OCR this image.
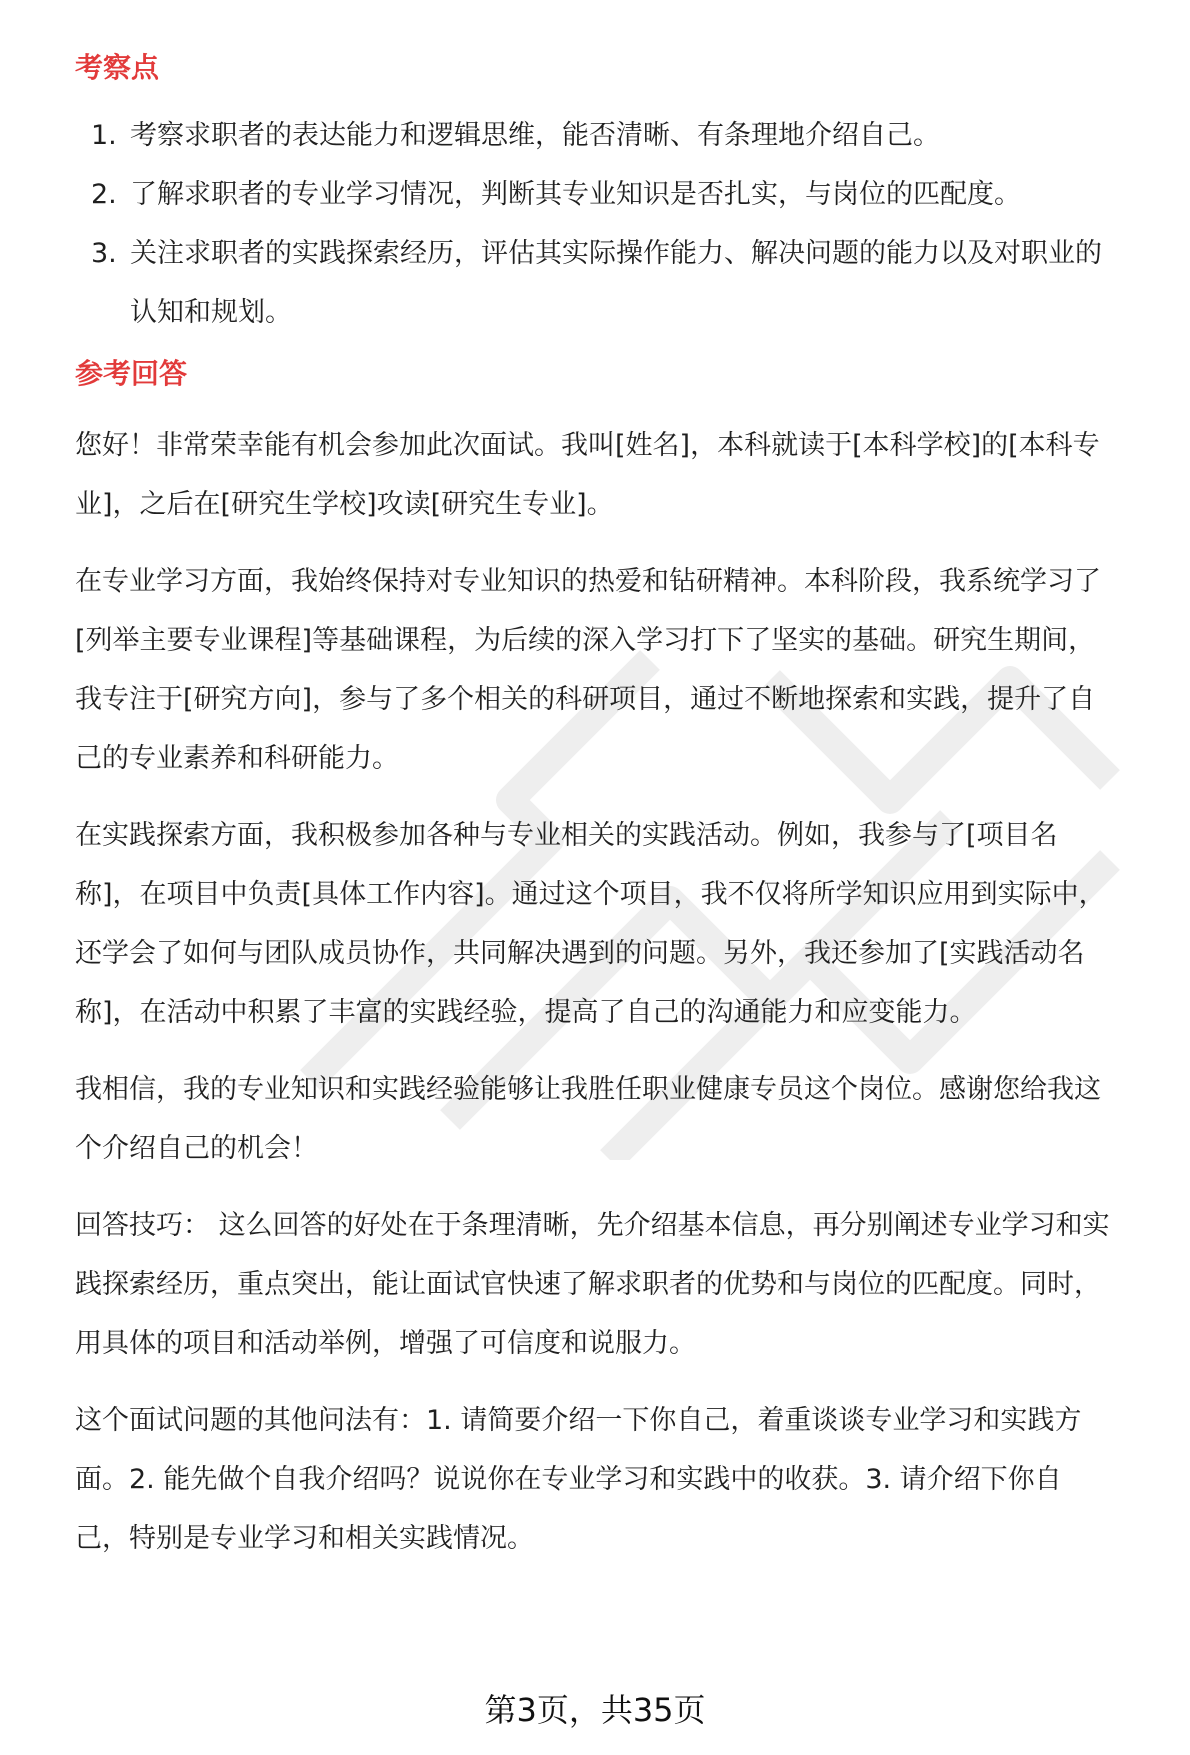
考察点
1. 考察求职者的表达能力和逻辑思维，能否清晰、有条理地介绍自己。
2. 了解求职者的专业学习情况，判断其专业知识是否扎实，与岗位的匹配度。
3. 关注求职者的实践探索经历，评估其实际操作能力、解决问题的能力以及对职业的认知和规划。
参考回答

您好！非常荣幸能有机会参加此次面试。我叫[姓名]，本科就读于[本科学校]的[本科专业]，之后在[研究生学校]攻读[研究生专业]。

在专业学习方面，我始终保持对专业知识的热爱和钻研精神。本科阶段，我系统学习了[列举主要专业课程]等基础课程，为后续的深入学习打下了坚实的基础。研究生期间，我专注于[研究方向]，参与了多个相关的科研项目，通过不断地探索和实践，提升了自己的专业素养和科研能力。

在实践探索方面，我积极参加各种与专业相关的实践活动。例如，我参与了[项目名称]，在项目中负责[具体工作内容]。通过这个项目，我不仅将所学知识应用到实际中，还学会了如何与团队成员协作，共同解决遇到的问题。另外，我还参加了[实践活动名称]，在活动中积累了丰富的实践经验，提高了自己的沟通能力和应变能力。

我相信，我的专业知识和实践经验能够让我胜任职业健康专员这个岗位。感谢您给我这个介绍自己的机会！

回答技巧： 这么回答的好处在于条理清晰，先介绍基本信息，再分别阐述专业学习和实践探索经历，重点突出，能让面试官快速了解求职者的优势和与岗位的匹配度。同时，用具体的项目和活动举例，增强了可信度和说服力。

这个面试问题的其他问法有：1. 请简要介绍一下你自己，着重谈谈专业学习和实践方面。2. 能先做个自我介绍吗？说说你在专业学习和实践中的收获。3. 请介绍下你自己，特别是专业学习和相关实践情况。

第3页，共35页
